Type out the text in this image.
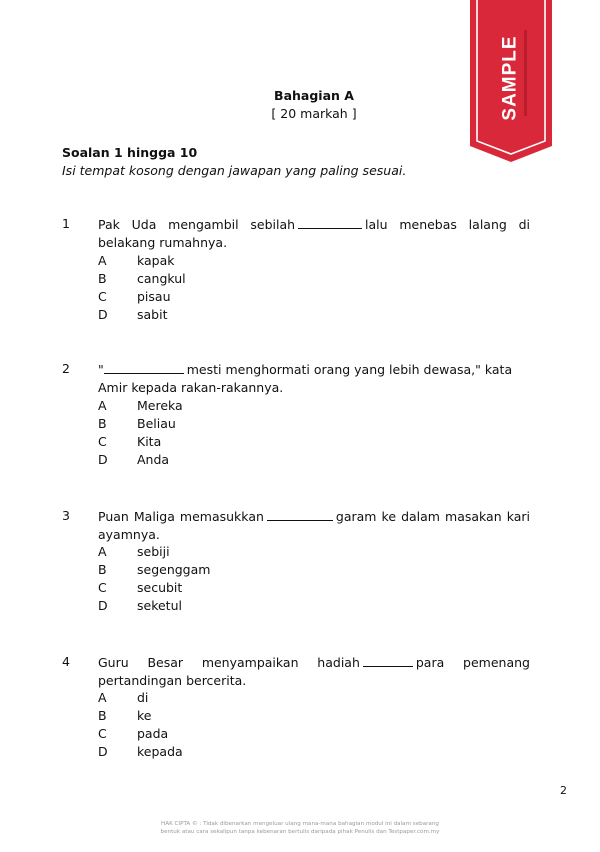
SAMPLE
Bahagian A
[ 20 markah ]
Soalan 1 hingga 10
Isi tempat kosong dengan jawapan yang paling sesuai.
1 Pak Uda mengambil sebilah	lalu menebas lalang di belakang rumahnya.
A kapak
B cangkul
C pisau
D sabit
2 "	mesti menghormati orang yang lebih dewasa," kata Amir kepada rakan-rakannya.
A Mereka
B Beliau
C Kita
D Anda
3 Puan Maliga memasukkan	garam ke dalam masakan kari ayamnya.
A sebiji
B segenggam
C secubit
D seketul
4 Guru Besar menyampaikan hadiah	para pemenang pertandingan bercerita.
A di
B ke
C pada
D kepada
2
HAK CIPTA © : Tidak dibenarkan mengeluar ulang mana-mana bahagian modul ini dalam sebarang
bentuk atau cara sekalipun tanpa kebenaran bertulis daripada pihak Penulis dan Testpaper.com.my
